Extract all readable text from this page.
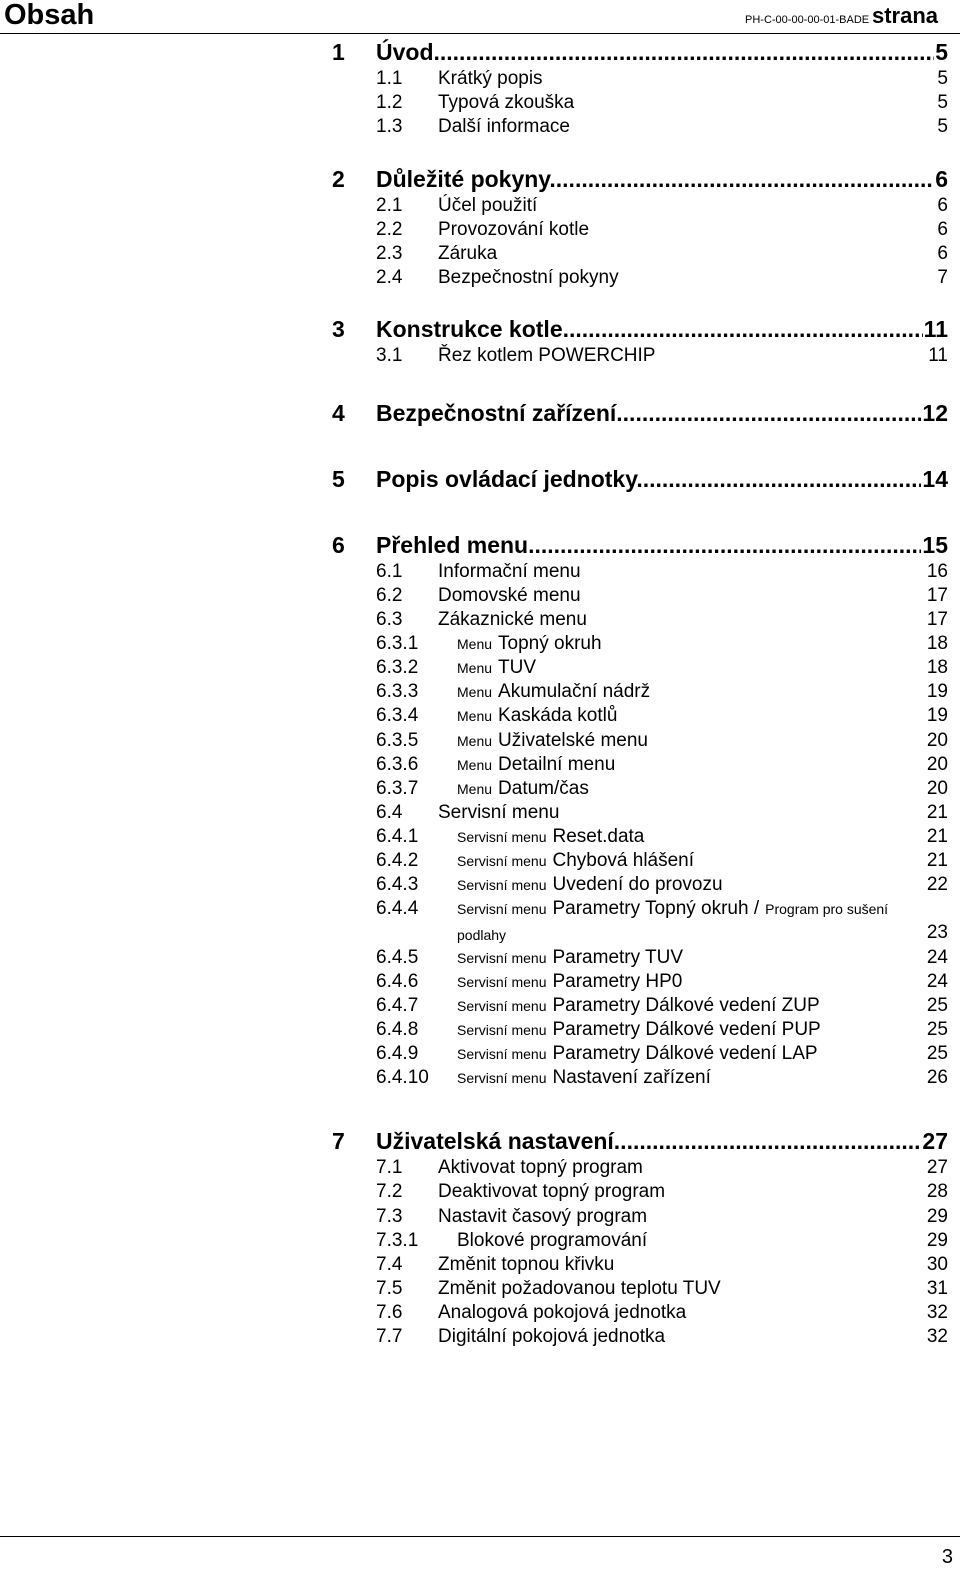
Obsah	PH-C-00-00-00-01-BADE strana
1 Úvod .....	5
1.1 Krátký popis	5
1.2 Typová zkouška	5
1.3 Další informace	5
2 Důležité pokyny .....	6
2.1 Účel použití	6
2.2 Provozování kotle	6
2.3 Záruka	6
2.4 Bezpečnostní pokyny	7
3 Konstrukce kotle .....	11
3.1 Řez kotlem POWERCHIP	11
4 Bezpečnostní zařízení .....	12
5 Popis ovládací jednotky .....	14
6 Přehled menu .....	15
6.1 Informační menu	16
6.2 Domovské menu	17
6.3 Zákaznické menu	17
6.3.1	Menu Topný okruh	18
6.3.2	Menu TUV	18
6.3.3	Menu Akumulační nádrž	19
6.3.4	Menu Kaskáda kotlů	19
6.3.5	Menu Uživatelské menu	20
6.3.6	Menu Detailní menu	20
6.3.7	Menu Datum/čas	20
6.4 Servisní menu	21
6.4.1	Servisní menu Reset.data	21
6.4.2	Servisní menu Chybová hlášení	21
6.4.3	Servisní menu Uvedení do provozu	22
6.4.4	Servisní menu Parametry Topný okruh / Program pro sušení
podlahy	23
6.4.5	Servisní menu Parametry TUV	24
6.4.6	Servisní menu Parametry HP0	24
6.4.7	Servisní menu Parametry Dálkové vedení ZUP	25
6.4.8	Servisní menu Parametry Dálkové vedení PUP	25
6.4.9	Servisní menu Parametry Dálkové vedení LAP	25
6.4.10 Servisní menu Nastavení zařízení	26
7 Uživatelská nastavení .....	27
7.1 Aktivovat topný program	27
7.2 Deaktivovat topný program	28
7.3 Nastavit časový program	29
7.3.1 Blokové programování	29
7.4 Změnit topnou křivku	30
7.5 Změnit požadovanou teplotu TUV	31
7.6 Analogová pokojová jednotka	32
7.7 Digitální pokojová jednotka	32
3
